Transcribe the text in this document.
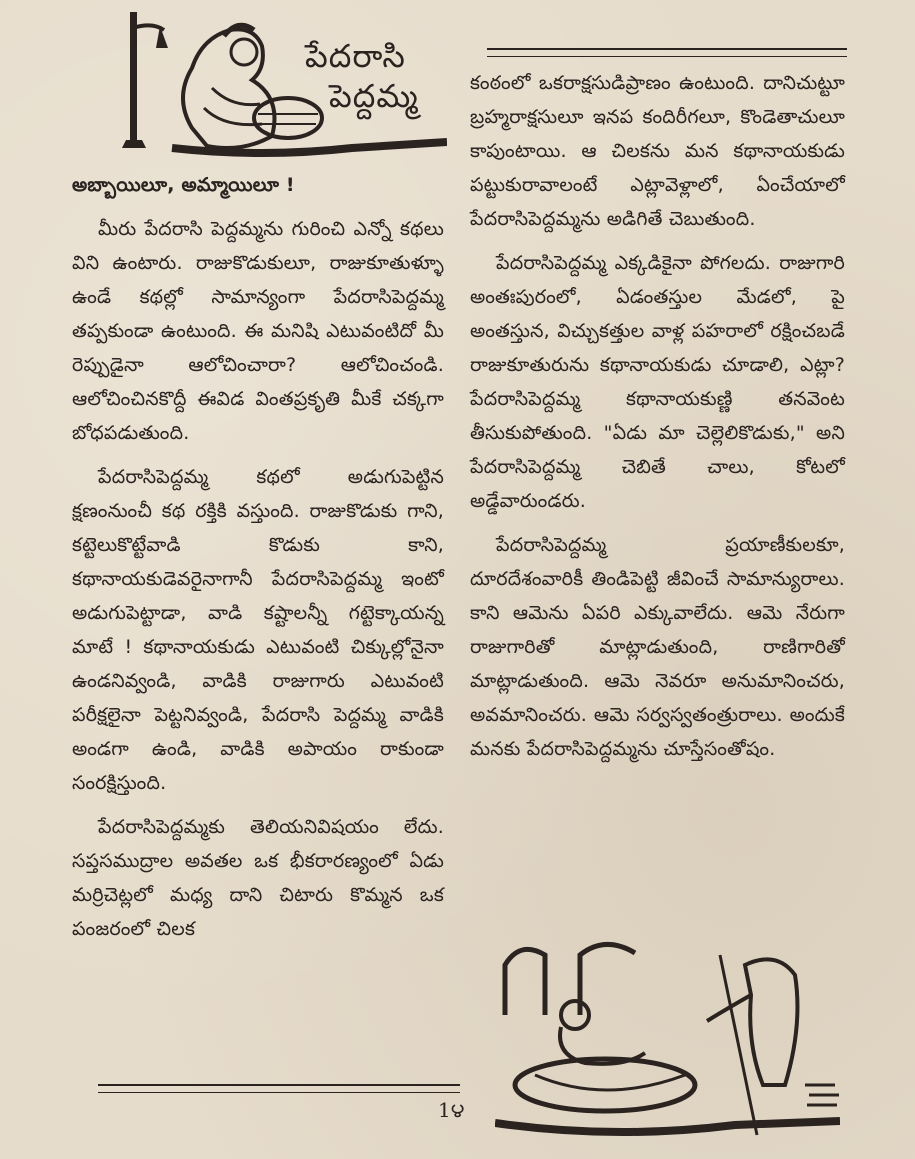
పేదరాసి
పెద్దమ్మ

అబ్బాయిలూ, అమ్మాయిలూ !

మీరు పేదరాసి పెద్దమ్మను గురించి ఎన్నో కథలు విని ఉంటారు. రాజుకొడుకులూ, రాజుకూతుళ్ళూ ఉండే కథల్లో సామాన్యంగా పేదరాసిపెద్దమ్మ తప్పకుండా ఉంటుంది. ఈ మనిషి ఎటువంటిదో మీ రెప్పుడైనా ఆలోచించారా? ఆలోచించండి. ఆలోచించినకొద్దీ ఈవిడ వింతప్రకృతి మీకే చక్కగా బోధపడుతుంది.

పేదరాసిపెద్దమ్మ కథలో అడుగుపెట్టిన క్షణంనుంచీ కథ రక్తికి వస్తుంది. రాజుకొడుకు గాని, కట్టెలుకొట్టేవాడి కొడుకు కాని, కథానాయకుడెవరైనాగానీ పేదరాసిపెద్దమ్మ ఇంటో అడుగుపెట్టాడా, వాడి కష్టాలన్నీ గట్టెక్కాయన్న మాటే ! కథానాయకుడు ఎటువంటి చిక్కుల్లోనైనా ఉండనివ్వండి, వాడికి రాజుగారు ఎటువంటి పరీక్షలైనా పెట్టనివ్వండి, పేదరాసి పెద్దమ్మ వాడికి అండగా ఉండి, వాడికి అపాయం రాకుండా సంరక్షిస్తుంది.

పేదరాసిపెద్దమ్మకు తెలియనివిషయం లేదు. సప్తసముద్రాల అవతల ఒక భీకరారణ్యంలో ఏడు మర్రిచెట్లలో మధ్య దాని చిటారు కొమ్మన ఒక పంజరంలో చిలక

కంఠంలో ఒకరాక్షసుడిప్రాణం ఉంటుంది. దానిచుట్టూ బ్రహ్మరాక్షసులూ ఇనప కందిరీగలూ, కొండెతాచులూ కాపుంటాయి. ఆ చిలకను మన కథానాయకుడు పట్టుకురావాలంటే ఎట్లావెళ్లాలో, ఏంచేయాలో పేదరాసిపెద్దమ్మను అడిగితే చెబుతుంది.

పేదరాసిపెద్దమ్మ ఎక్కడికైనా పోగలదు. రాజుగారి అంతఃపురంలో, ఏడంతస్తుల మేడలో, పై అంతస్తున, విచ్చుకత్తుల వాళ్ల పహరాలో రక్షించబడే రాజుకూతురును కథానాయకుడు చూడాలి, ఎట్లా? పేదరాసిపెద్దమ్మ కథానాయకుణ్ణి తనవెంట తీసుకుపోతుంది. "ఏడు మా చెల్లెలికొడుకు," అని పేదరాసిపెద్దమ్మ చెబితే చాలు, కోటలో అడ్డేవారుండరు.

పేదరాసిపెద్దమ్మ ప్రయాణీకులకూ, దూరదేశంవారికీ తిండిపెట్టి జీవించే సామాన్యురాలు. కాని ఆమెను ఏపరి ఎక్కువాలేదు. ఆమె నేరుగా రాజుగారితో మాట్లాడుతుంది, రాణిగారితో మాట్లాడుతుంది. ఆమె నెవరూ అనుమానించరు, అవమానించరు. ఆమె సర్వస్వతంత్రురాలు. అందుకే మనకు పేదరాసిపెద్దమ్మను చూస్తేసంతోషం.

1౪
